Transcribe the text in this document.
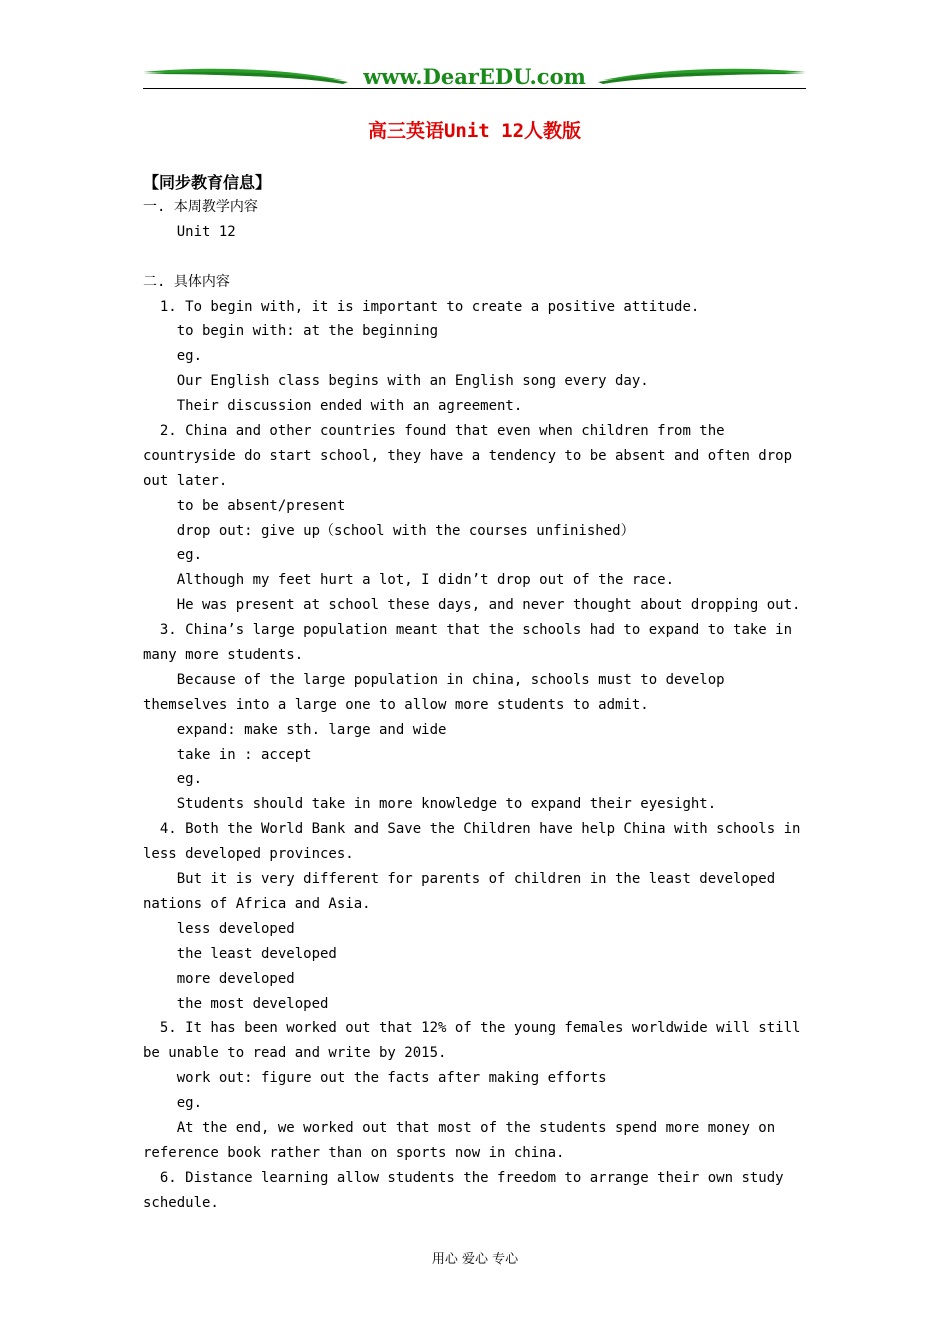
www.DearEDU.com
高三英语Unit 12人教版
【同步教育信息】
一. 本周教学内容
Unit 12
二. 具体内容
1. To begin with, it is important to create a positive attitude.
to begin with: at the beginning
eg.
Our English class begins with an English song every day.
Their discussion ended with an agreement.
2. China and other countries found that even when children from the
countryside do start school, they have a tendency to be absent and often drop
out later.
to be absent/present
drop out: give up（school with the courses unfinished）
eg.
Although my feet hurt a lot, I didn’t drop out of the race.
He was present at school these days, and never thought about dropping out.
3. China’s large population meant that the schools had to expand to take in
many more students.
Because of the large population in china, schools must to develop
themselves into a large one to allow more students to admit.
expand: make sth. large and wide
take in : accept
eg.
Students should take in more knowledge to expand their eyesight.
4. Both the World Bank and Save the Children have help China with schools in
less developed provinces.
But it is very different for parents of children in the least developed
nations of Africa and Asia.
less developed
the least developed
more developed
the most developed
5. It has been worked out that 12% of the young females worldwide will still
be unable to read and write by 2015.
work out: figure out the facts after making efforts
eg.
At the end, we worked out that most of the students spend more money on
reference book rather than on sports now in china.
6. Distance learning allow students the freedom to arrange their own study
schedule.
用心 爱心 专心
